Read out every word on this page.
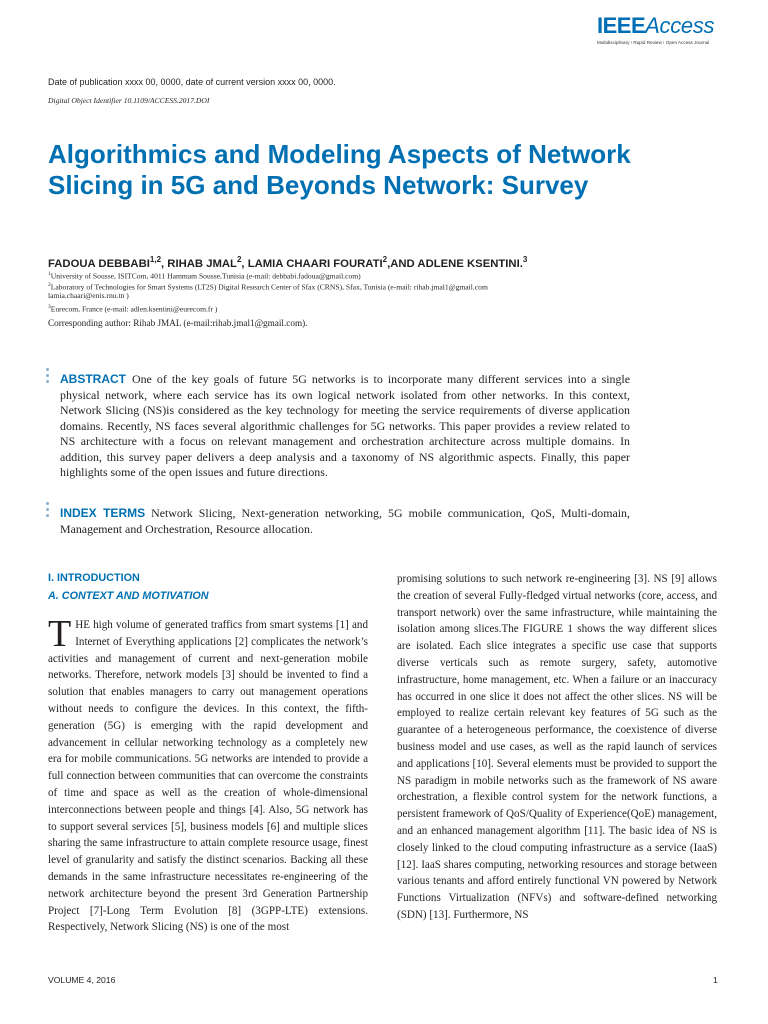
IEEEAccess
Multidisciplinary ⁝ Rapid Review ⁝ Open Access Journal
Date of publication xxxx 00, 0000, date of current version xxxx 00, 0000.
Digital Object Identifier 10.1109/ACCESS.2017.DOI
Algorithmics and Modeling Aspects of Network Slicing in 5G and Beyonds Network: Survey
FADOUA DEBBABI$^{1,2}$, RIHAB JMAL$^2$, LAMIA CHAARI FOURATI$^2$,AND ADLENE KSENTINI.$^3$
$^1$University of Sousse, ISITCom, 4011 Hammam Sousse,Tunisia (e-mail: debbabi.fadoua@gmail.com)
$^2$Laboratory of Technologies for Smart Systems (LT2S) Digital Research Center of Sfax (CRNS), Sfax, Tunisia (e-mail: rihab.jmal1@gmail.com
lamia.chaari@enis.rnu.tn )
$^3$Eurecom, France (e-mail: adlen.ksentini@eurecom.fr )
Corresponding author: Rihab JMAL (e-mail:rihab.jmal1@gmail.com).
ABSTRACT One of the key goals of future 5G networks is to incorporate many different services into a single physical network, where each service has its own logical network isolated from other networks. In this context, Network Slicing (NS)is considered as the key technology for meeting the service requirements of diverse application domains. Recently, NS faces several algorithmic challenges for 5G networks. This paper provides a review related to NS architecture with a focus on relevant management and orchestration architecture across multiple domains. In addition, this survey paper delivers a deep analysis and a taxonomy of NS algorithmic aspects. Finally, this paper highlights some of the open issues and future directions.
INDEX TERMS Network Slicing, Next-generation networking, 5G mobile communication, QoS, Multi-domain, Management and Orchestration, Resource allocation.
I. INTRODUCTION
A. CONTEXT AND MOTIVATION
THE high volume of generated traffics from smart systems [1] and Internet of Everything applications [2] complicates the network’s activities and management of current and next-generation mobile networks. Therefore, network models [3] should be invented to find a solution that enables managers to carry out management operations without needs to configure the devices. In this context, the fifth-generation (5G) is emerging with the rapid development and advancement in cellular networking technology as a completely new era for mobile communications. 5G networks are intended to provide a full connection between communities that can overcome the constraints of time and space as well as the creation of whole-dimensional interconnections between people and things [4]. Also, 5G network has to support several services [5], business models [6] and multiple slices sharing the same infrastructure to attain complete resource usage, finest level of granularity and satisfy the distinct scenarios. Backing all these demands in the same infrastructure necessitates re-engineering of the network architecture beyond the present 3rd Generation Partnership Project [7]-Long Term Evolution [8] (3GPP-LTE) extensions. Respectively, Network Slicing (NS) is one of the most
promising solutions to such network re-engineering [3]. NS [9] allows the creation of several Fully-fledged virtual networks (core, access, and transport network) over the same infrastructure, while maintaining the isolation among slices.The FIGURE 1 shows the way different slices are isolated. Each slice integrates a specific use case that supports diverse verticals such as remote surgery, safety, automotive infrastructure, home management, etc. When a failure or an inaccuracy has occurred in one slice it does not affect the other slices. NS will be employed to realize certain relevant key features of 5G such as the guarantee of a heterogeneous performance, the coexistence of diverse business model and use cases, as well as the rapid launch of services and applications [10]. Several elements must be provided to support the NS paradigm in mobile networks such as the framework of NS aware orchestration, a flexible control system for the network functions, a persistent framework of QoS/Quality of Experience(QoE) management, and an enhanced management algorithm [11]. The basic idea of NS is closely linked to the cloud computing infrastructure as a service (IaaS) [12]. IaaS shares computing, networking resources and storage between various tenants and afford entirely functional VN powered by Network Functions Virtualization (NFVs) and software-defined networking (SDN) [13]. Furthermore, NS
VOLUME 4, 2016	1
